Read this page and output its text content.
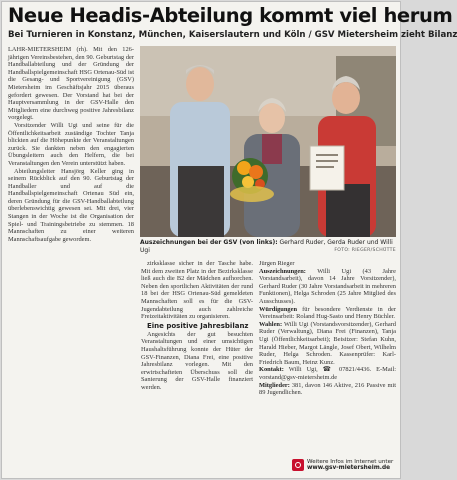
Neue Headis-Abteilung kommt viel herum
Bei Turnieren in Konstanz, München, Kaiserslautern und Köln / GSV Mietersheim zieht Bilanz

LAHR-MIETERSHEIM (rh). Mit den 126-jährigen Vereinsbestehen, den 90. Geburtstag der Handballabteilung und der Gründung der Handballspielgemeinschaft HSG Ortenau-Süd ist die Gesang- und Sportvereinigung (GSV) Mietersheim im Geschäftsjahr 2015 überaus gefordert gewesen. Der Vorstand hat bei der Hauptversammlung in der GSV-Halle den Mitgliedern eine durchweg positive Jahresbilanz vorgelegt.

Vorsitzender Willi Ugi und seine für die Öffentlichkeitsarbeit zuständige Tochter Tanja blickten auf die Höhepunkte der Veranstaltungen zurück. Sie dankten neben den engagierten Übungsleitern auch den Helfern, die bei Veranstaltungen den Verein unterstützt haben.

Abteilungsleiter Hansjörg Keller ging in seinem Rückblick auf den 90. Geburtstag der Handballer und auf die Handballspielgemeinschaft Ortenau Süd ein, deren Gründung für die GSV-Handballabteilung überlebenswichtig gewesen sei. Mit drei, vier Stangen in der Woche ist die Organisation der Spiel- und Trainingsbetriebe zu stemmen. 18 Mannschaften zu einer weiteren Mannschaftsaufgabe gewordem.	Auszeichnungen bei der GSV (von links): Gerhard Ruder, Gerda Ruder und Willi Ugi	FOTO: RIEGER/SCHÜTTE

zirksklasse sicher in der Tasche habe. Mit dem zweiten Platz in der Bezirksklasse ließ auch die B2 der Mädchen aufhorchen. Neben den sportlichen Aktivitäten der rund 18 bei der HSG Ortenau-Süd gemeldeten Mannschaften soll es für die GSV-Jugendabteilung auch zahlreiche Freizeitaktivitäten zu organisieren.

Eine positive Jahresbilanz

Angesichts der gut besuchten Veranstaltungen und einer umsichtigen Haushaltsführung konnte der Hüter der GSV-Finanzen, Diana Frei, eine positive Jahresbilanz vorlegen. Mit den erwirtschafteten Überschuss soll die Sanierung der GSV-Halle finanziert werden.

Jürgen Rieger

Auszeichnungen: Willi Ugi (43 Jahre Vorstandsarbeit), davon 14 Jahre Vorsitzender), Gerhard Ruder (30 Jahre Vorstandsarbeit in mehreren Funktionen), Helga Schroden (25 Jahre Mitglied des Ausschusses).

Würdigungen für besondere Verdienste in der Vereinsarbeit: Roland Hug-Sasto und Henry Büchler.

Wahlen: Willi Ugi (Vorstandsvorsitzender), Gerhard Ruder (Verwaltung), Diana Frei (Finanzen), Tanja Ugi (Öffentlichkeitsarbeit); Beisitzer: Stefan Kuhn, Harald Hieber, Margot Längle, Josef Obert, Wilhelm Ruder, Helga Schroden. Kassenprüfer: Karl-Friedrich Baum, Heinz Kunz.

Kontakt: Willi Ugi, ☎ 07821/4436. E-Mail: vorstand@gsv-mietersheim.de

Mitglieder: 381, davon 146 Aktive, 216 Passive mit 89 Jugendlichen.

Weitere Infos im Internet unter
www.gsv-mietersheim.de
